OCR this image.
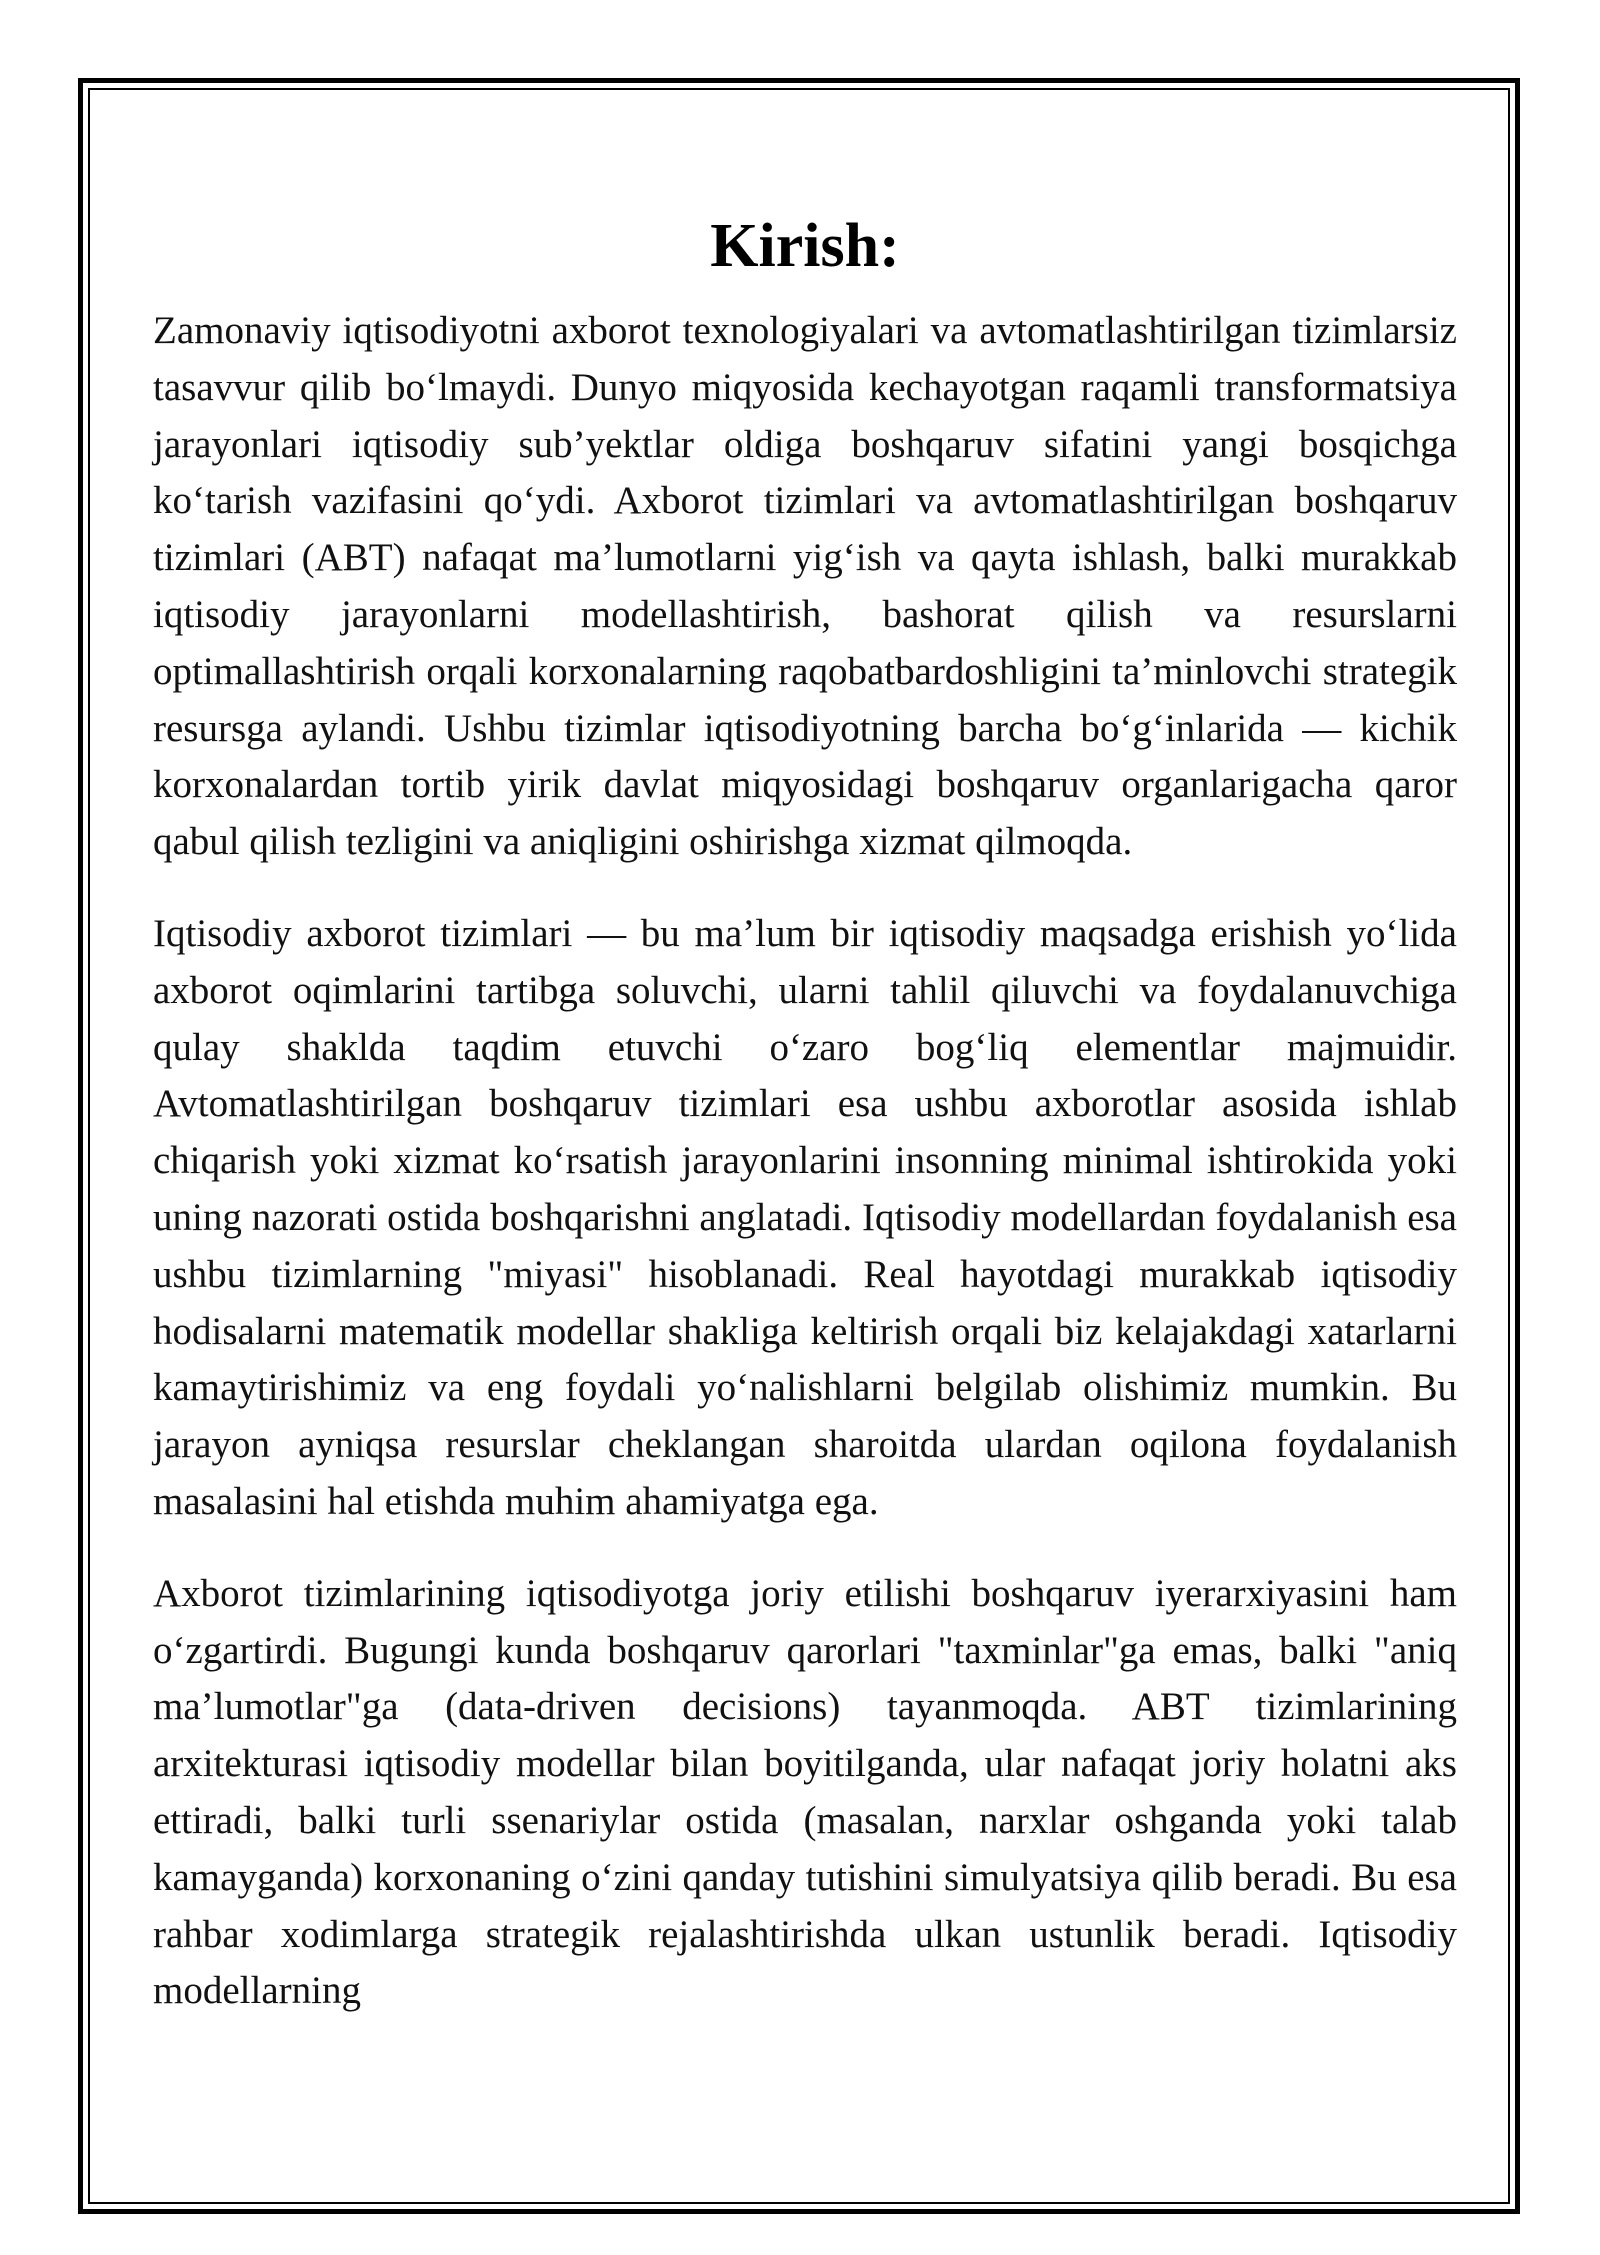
Kirish:

Zamonaviy iqtisodiyotni axborot texnologiyalari va avtomatlashtirilgan tizimlarsiz tasavvur qilib bo‘lmaydi. Dunyo miqyosida kechayotgan raqamli transformatsiya jarayonlari iqtisodiy sub’yektlar oldiga boshqaruv sifatini yangi bosqichga ko‘tarish vazifasini qo‘ydi. Axborot tizimlari va avtomatlashtirilgan boshqaruv tizimlari (ABT) nafaqat ma’lumotlarni yig‘ish va qayta ishlash, balki murakkab iqtisodiy jarayonlarni modellashtirish, bashorat qilish va resurslarni optimallashtirish orqali korxonalarning raqobatbardoshligini ta’minlovchi strategik resursga aylandi. Ushbu tizimlar iqtisodiyotning barcha bo‘g‘inlarida — kichik korxonalardan tortib yirik davlat miqyosidagi boshqaruv organlarigacha qaror qabul qilish tezligini va aniqligini oshirishga xizmat qilmoqda.

Iqtisodiy axborot tizimlari — bu ma’lum bir iqtisodiy maqsadga erishish yo‘lida axborot oqimlarini tartibga soluvchi, ularni tahlil qiluvchi va foydalanuvchiga qulay shaklda taqdim etuvchi o‘zaro bog‘liq elementlar majmuidir. Avtomatlashtirilgan boshqaruv tizimlari esa ushbu axborotlar asosida ishlab chiqarish yoki xizmat ko‘rsatish jarayonlarini insonning minimal ishtirokida yoki uning nazorati ostida boshqarishni anglatadi. Iqtisodiy modellardan foydalanish esa ushbu tizimlarning "miyasi" hisoblanadi. Real hayotdagi murakkab iqtisodiy hodisalarni matematik modellar shakliga keltirish orqali biz kelajakdagi xatarlarni kamaytirishimiz va eng foydali yo‘nalishlarni belgilab olishimiz mumkin. Bu jarayon ayniqsa resurslar cheklangan sharoitda ulardan oqilona foydalanish masalasini hal etishda muhim ahamiyatga ega.

Axborot tizimlarining iqtisodiyotga joriy etilishi boshqaruv iyerarxiyasini ham o‘zgartirdi. Bugungi kunda boshqaruv qarorlari "taxminlar"ga emas, balki "aniq ma’lumotlar"ga (data-driven decisions) tayanmoqda. ABT tizimlarining arxitekturasi iqtisodiy modellar bilan boyitilganda, ular nafaqat joriy holatni aks ettiradi, balki turli ssenariylar ostida (masalan, narxlar oshganda yoki talab kamayganda) korxonaning o‘zini qanday tutishini simulyatsiya qilib beradi. Bu esa rahbar xodimlarga strategik rejalashtirishda ulkan ustunlik beradi. Iqtisodiy modellarning
